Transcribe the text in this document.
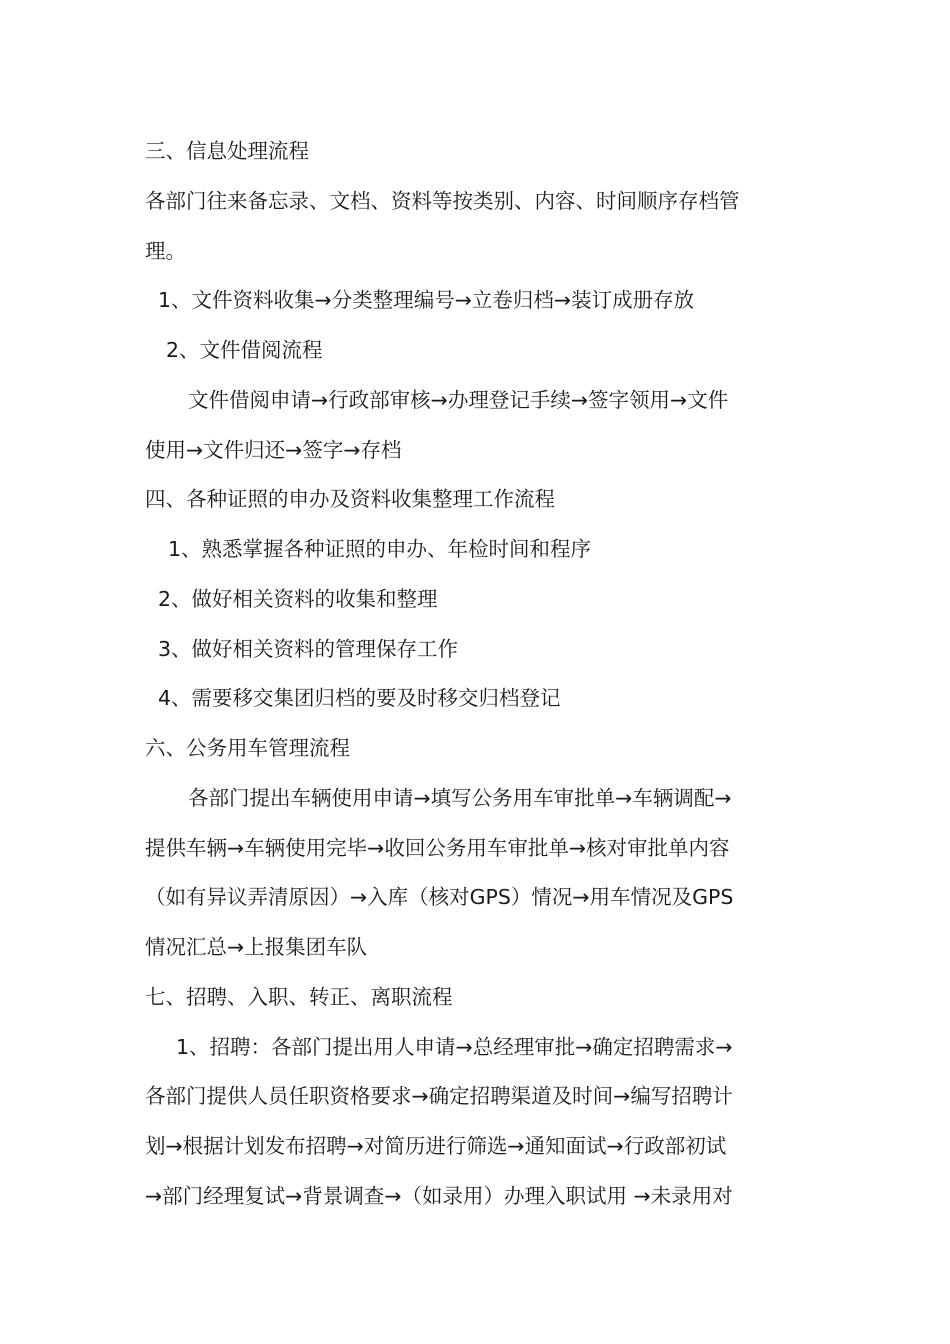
三、信息处理流程
各部门往来备忘录、文档、资料等按类别、内容、时间顺序存档管
理。
1、文件资料收集→分类整理编号→立卷归档→装订成册存放
2、文件借阅流程
文件借阅申请→行政部审核→办理登记手续→签字领用→文件
使用→文件归还→签字→存档
四、各种证照的申办及资料收集整理工作流程
1、熟悉掌握各种证照的申办、年检时间和程序
2、做好相关资料的收集和整理
3、做好相关资料的管理保存工作
4、需要移交集团归档的要及时移交归档登记
六、公务用车管理流程
各部门提出车辆使用申请→填写公务用车审批单→车辆调配→
提供车辆→车辆使用完毕→收回公务用车审批单→核对审批单内容
（如有异议弄清原因）→入库（核对GPS）情况→用车情况及GPS
情况汇总→上报集团车队
七、招聘、入职、转正、离职流程
1、招聘：各部门提出用人申请→总经理审批→确定招聘需求→
各部门提供人员任职资格要求→确定招聘渠道及时间→编写招聘计
划→根据计划发布招聘→对简历进行筛选→通知面试→行政部初试
→部门经理复试→背景调查→（如录用）办理入职试用 →未录用对
